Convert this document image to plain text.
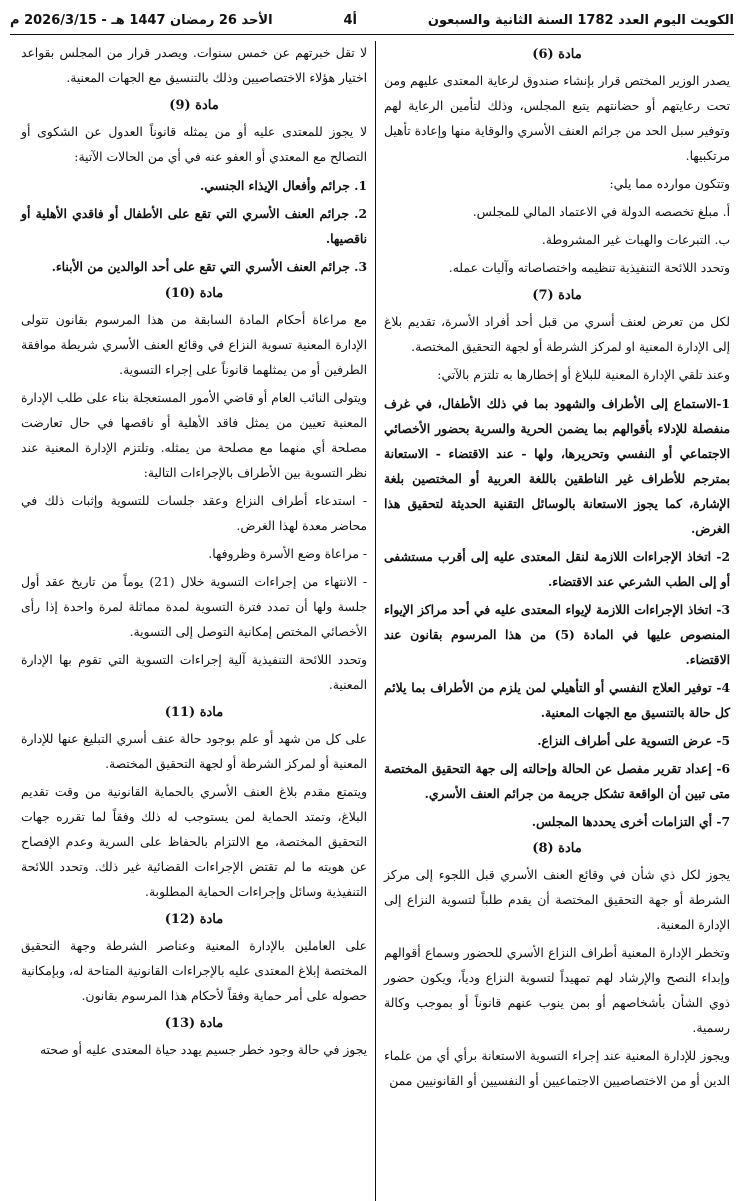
الكويت اليوم العدد 1782 السنة الثانية والسبعون
أ4
الأحد 26 رمضان 1447 هـ - 2026/3/15 م
مادة (6)

يصدر الوزير المختص قرار بإنشاء صندوق لرعاية المعتدى عليهم ومن تحت رعايتهم أو حضانتهم يتبع المجلس، وذلك لتأمين الرعاية لهم وتوفير سبل الحد من جرائم العنف الأسري والوقاية منها وإعادة تأهيل مرتكبيها.

وتتكون موارده مما يلي:

أ. مبلغ تخصصه الدولة في الاعتماد المالي للمجلس.

ب. التبرعات والهبات غير المشروطة.

وتحدد اللائحة التنفيذية تنظيمه واختصاصاته وآليات عمله.

مادة (7)

لكل من تعرض لعنف أسري من قبل أحد أفراد الأسرة، تقديم بلاغ إلى الإدارة المعنية او لمركز الشرطة أو لجهة التحقيق المختصة.

وعند تلقي الإدارة المعنية للبلاغ أو إخطارها به تلتزم بالآتي:

1-الاستماع إلى الأطراف والشهود بما في ذلك الأطفال، في غرف منفصلة للإدلاء بأقوالهم بما يضمن الحرية والسرية بحضور الأخصائي الاجتماعي أو النفسي وتحريرها، ولها - عند الاقتضاء - الاستعانة بمترجم للأطراف غير الناطقين باللغة العربية أو المختصين بلغة الإشارة، كما يجوز الاستعانة بالوسائل التقنية الحديثة لتحقيق هذا الغرض.

2- اتخاذ الإجراءات اللازمة لنقل المعتدى عليه إلى أقرب مستشفى أو إلى الطب الشرعي عند الاقتضاء.

3- اتخاذ الإجراءات اللازمة لإيواء المعتدى عليه في أحد مراكز الإيواء المنصوص عليها في المادة (5) من هذا المرسوم بقانون عند الاقتضاء.

4- توفير العلاج النفسي أو التأهيلي لمن يلزم من الأطراف بما يلائم كل حالة بالتنسيق مع الجهات المعنية.

5- عرض التسوية على أطراف النزاع.

6- إعداد تقرير مفصل عن الحالة وإحالته إلى جهة التحقيق المختصة متى تبين أن الواقعة تشكل جريمة من جرائم العنف الأسري.

7- أي التزامات أخرى يحددها المجلس.

مادة (8)

يجوز لكل ذي شأن في وقائع العنف الأسري قبل اللجوء إلى مركز الشرطة أو جهة التحقيق المختصة أن يقدم طلباً لتسوية النزاع إلى الإدارة المعنية.

وتخطر الإدارة المعنية أطراف النزاع الأسري للحضور وسماع أقوالهم وإبداء النصح والإرشاد لهم تمهيداً لتسوية النزاع ودياً، ويكون حضور ذوي الشأن بأشخاصهم أو بمن ينوب عنهم قانوناً أو بموجب وكالة رسمية.

ويجوز للإدارة المعنية عند إجراء التسوية الاستعانة برأي أي من علماء الدين أو من الاختصاصيين الاجتماعيين أو النفسيين أو القانونيين ممن

لا تقل خبرتهم عن خمس سنوات. ويصدر قرار من المجلس بقواعد اختيار هؤلاء الاختصاصيين وذلك بالتنسيق مع الجهات المعنية.

مادة (9)

لا يجوز للمعتدى عليه أو من يمثله قانوناً العدول عن الشكوى أو التصالح مع المعتدي أو العفو عنه في أي من الحالات الآتية:

1. جرائم وأفعال الإيذاء الجنسي.

2. جرائم العنف الأسري التي تقع على الأطفال أو فاقدي الأهلية أو ناقصيها.

3. جرائم العنف الأسري التي تقع على أحد الوالدين من الأبناء.

مادة (10)

مع مراعاة أحكام المادة السابقة من هذا المرسوم بقانون تتولى الإدارة المعنية تسوية النزاع في وقائع العنف الأسري شريطة موافقة الطرفين أو من يمثلهما قانوناً على إجراء التسوية.

ويتولى النائب العام أو قاضي الأمور المستعجلة بناء على طلب الإدارة المعنية تعيين من يمثل فاقد الأهلية أو ناقصها في حال تعارضت مصلحة أي منهما مع مصلحة من يمثله. وتلتزم الإدارة المعنية عند نظر التسوية بين الأطراف بالإجراءات التالية:

- استدعاء أطراف النزاع وعقد جلسات للتسوية وإثبات ذلك في محاضر معدة لهذا الغرض.

- مراعاة وضع الأسرة وظروفها.

- الانتهاء من إجراءات التسوية خلال (21) يوماً من تاريخ عقد أول جلسة ولها أن تمدد فترة التسوية لمدة مماثلة لمرة واحدة إذا رأى الأخصائي المختص إمكانية التوصل إلى التسوية.

وتحدد اللائحة التنفيذية آلية إجراءات التسوية التي تقوم بها الإدارة المعنية.

مادة (11)

على كل من شهد أو علم بوجود حالة عنف أسري التبليغ عنها للإدارة المعنية أو لمركز الشرطة أو لجهة التحقيق المختصة.

ويتمتع مقدم بلاغ العنف الأسري بالحماية القانونية من وقت تقديم البلاغ، وتمتد الحماية لمن يستوجب له ذلك وفقاً لما تقرره جهات التحقيق المختصة، مع الالتزام بالحفاظ على السرية وعدم الإفصاح عن هويته ما لم تقتض الإجراءات القضائية غير ذلك. وتحدد اللائحة التنفيذية وسائل وإجراءات الحماية المطلوبة.

مادة (12)

على العاملين بالإدارة المعنية وعناصر الشرطة وجهة التحقيق المختصة إبلاغ المعتدى عليه بالإجراءات القانونية المتاحة له، وبإمكانية حصوله على أمر حماية وفقاً لأحكام هذا المرسوم بقانون.

مادة (13)

يجوز في حالة وجود خطر جسيم يهدد حياة المعتدى عليه أو صحته
